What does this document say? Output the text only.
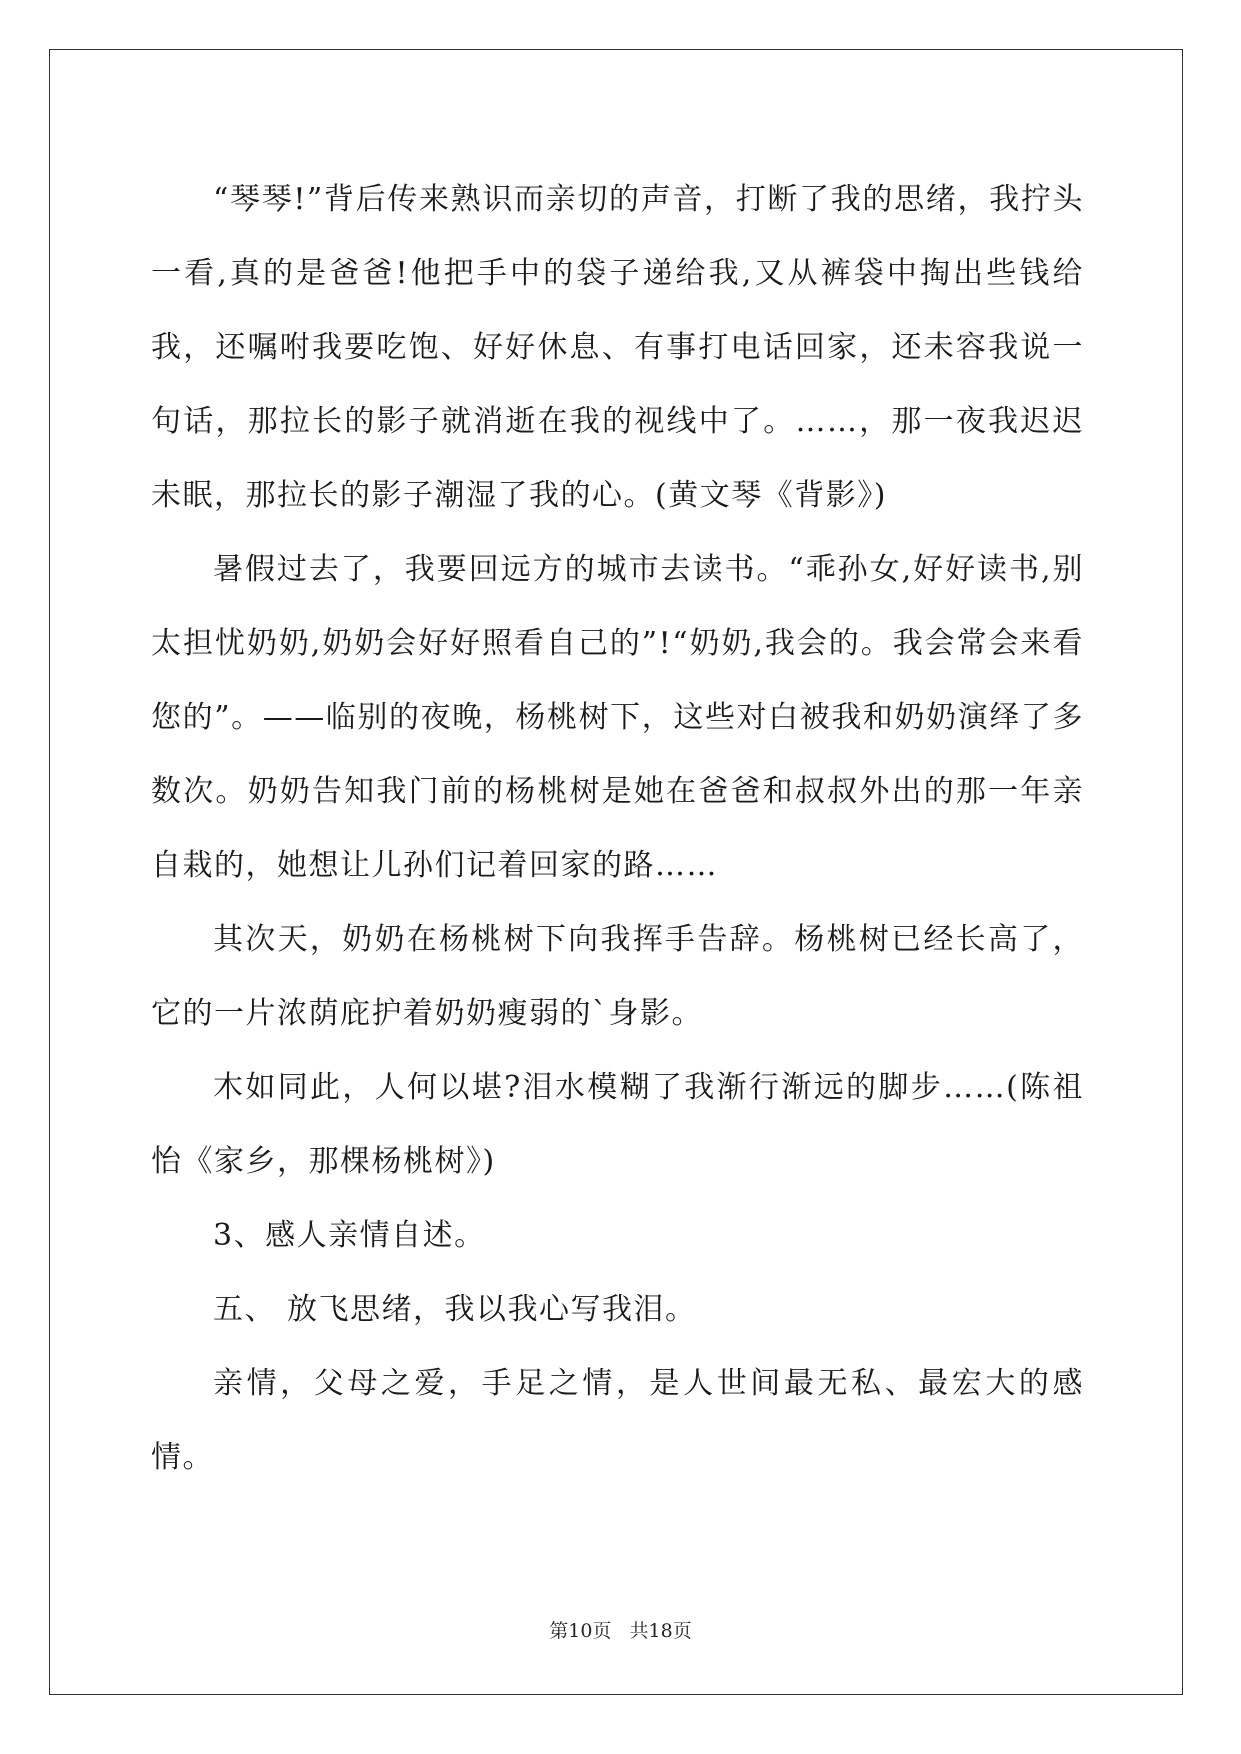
“琴琴!”背后传来熟识而亲切的声音，打断了我的思绪，我拧头一看,真的是爸爸!他把手中的袋子递给我,又从裤袋中掏出些钱给我，还嘱咐我要吃饱、好好休息、有事打电话回家，还未容我说一句话，那拉长的影子就消逝在我的视线中了。……，那一夜我迟迟未眠，那拉长的影子潮湿了我的心。(黄文琴《背影》)

暑假过去了，我要回远方的城市去读书。“乖孙女,好好读书,别太担忧奶奶,奶奶会好好照看自己的”!“奶奶,我会的。我会常会来看您的”。——临别的夜晚，杨桃树下，这些对白被我和奶奶演绎了多数次。奶奶告知我门前的杨桃树是她在爸爸和叔叔外出的那一年亲自栽的，她想让儿孙们记着回家的路……

其次天，奶奶在杨桃树下向我挥手告辞。杨桃树已经长高了，它的一片浓荫庇护着奶奶瘦弱的`身影。

木如同此，人何以堪?泪水模糊了我渐行渐远的脚步……(陈祖怡《家乡，那棵杨桃树》)

3、感人亲情自述。

五、 放飞思绪，我以我心写我泪。

亲情，父母之爱，手足之情，是人世间最无私、最宏大的感情。

第10页 共18页
